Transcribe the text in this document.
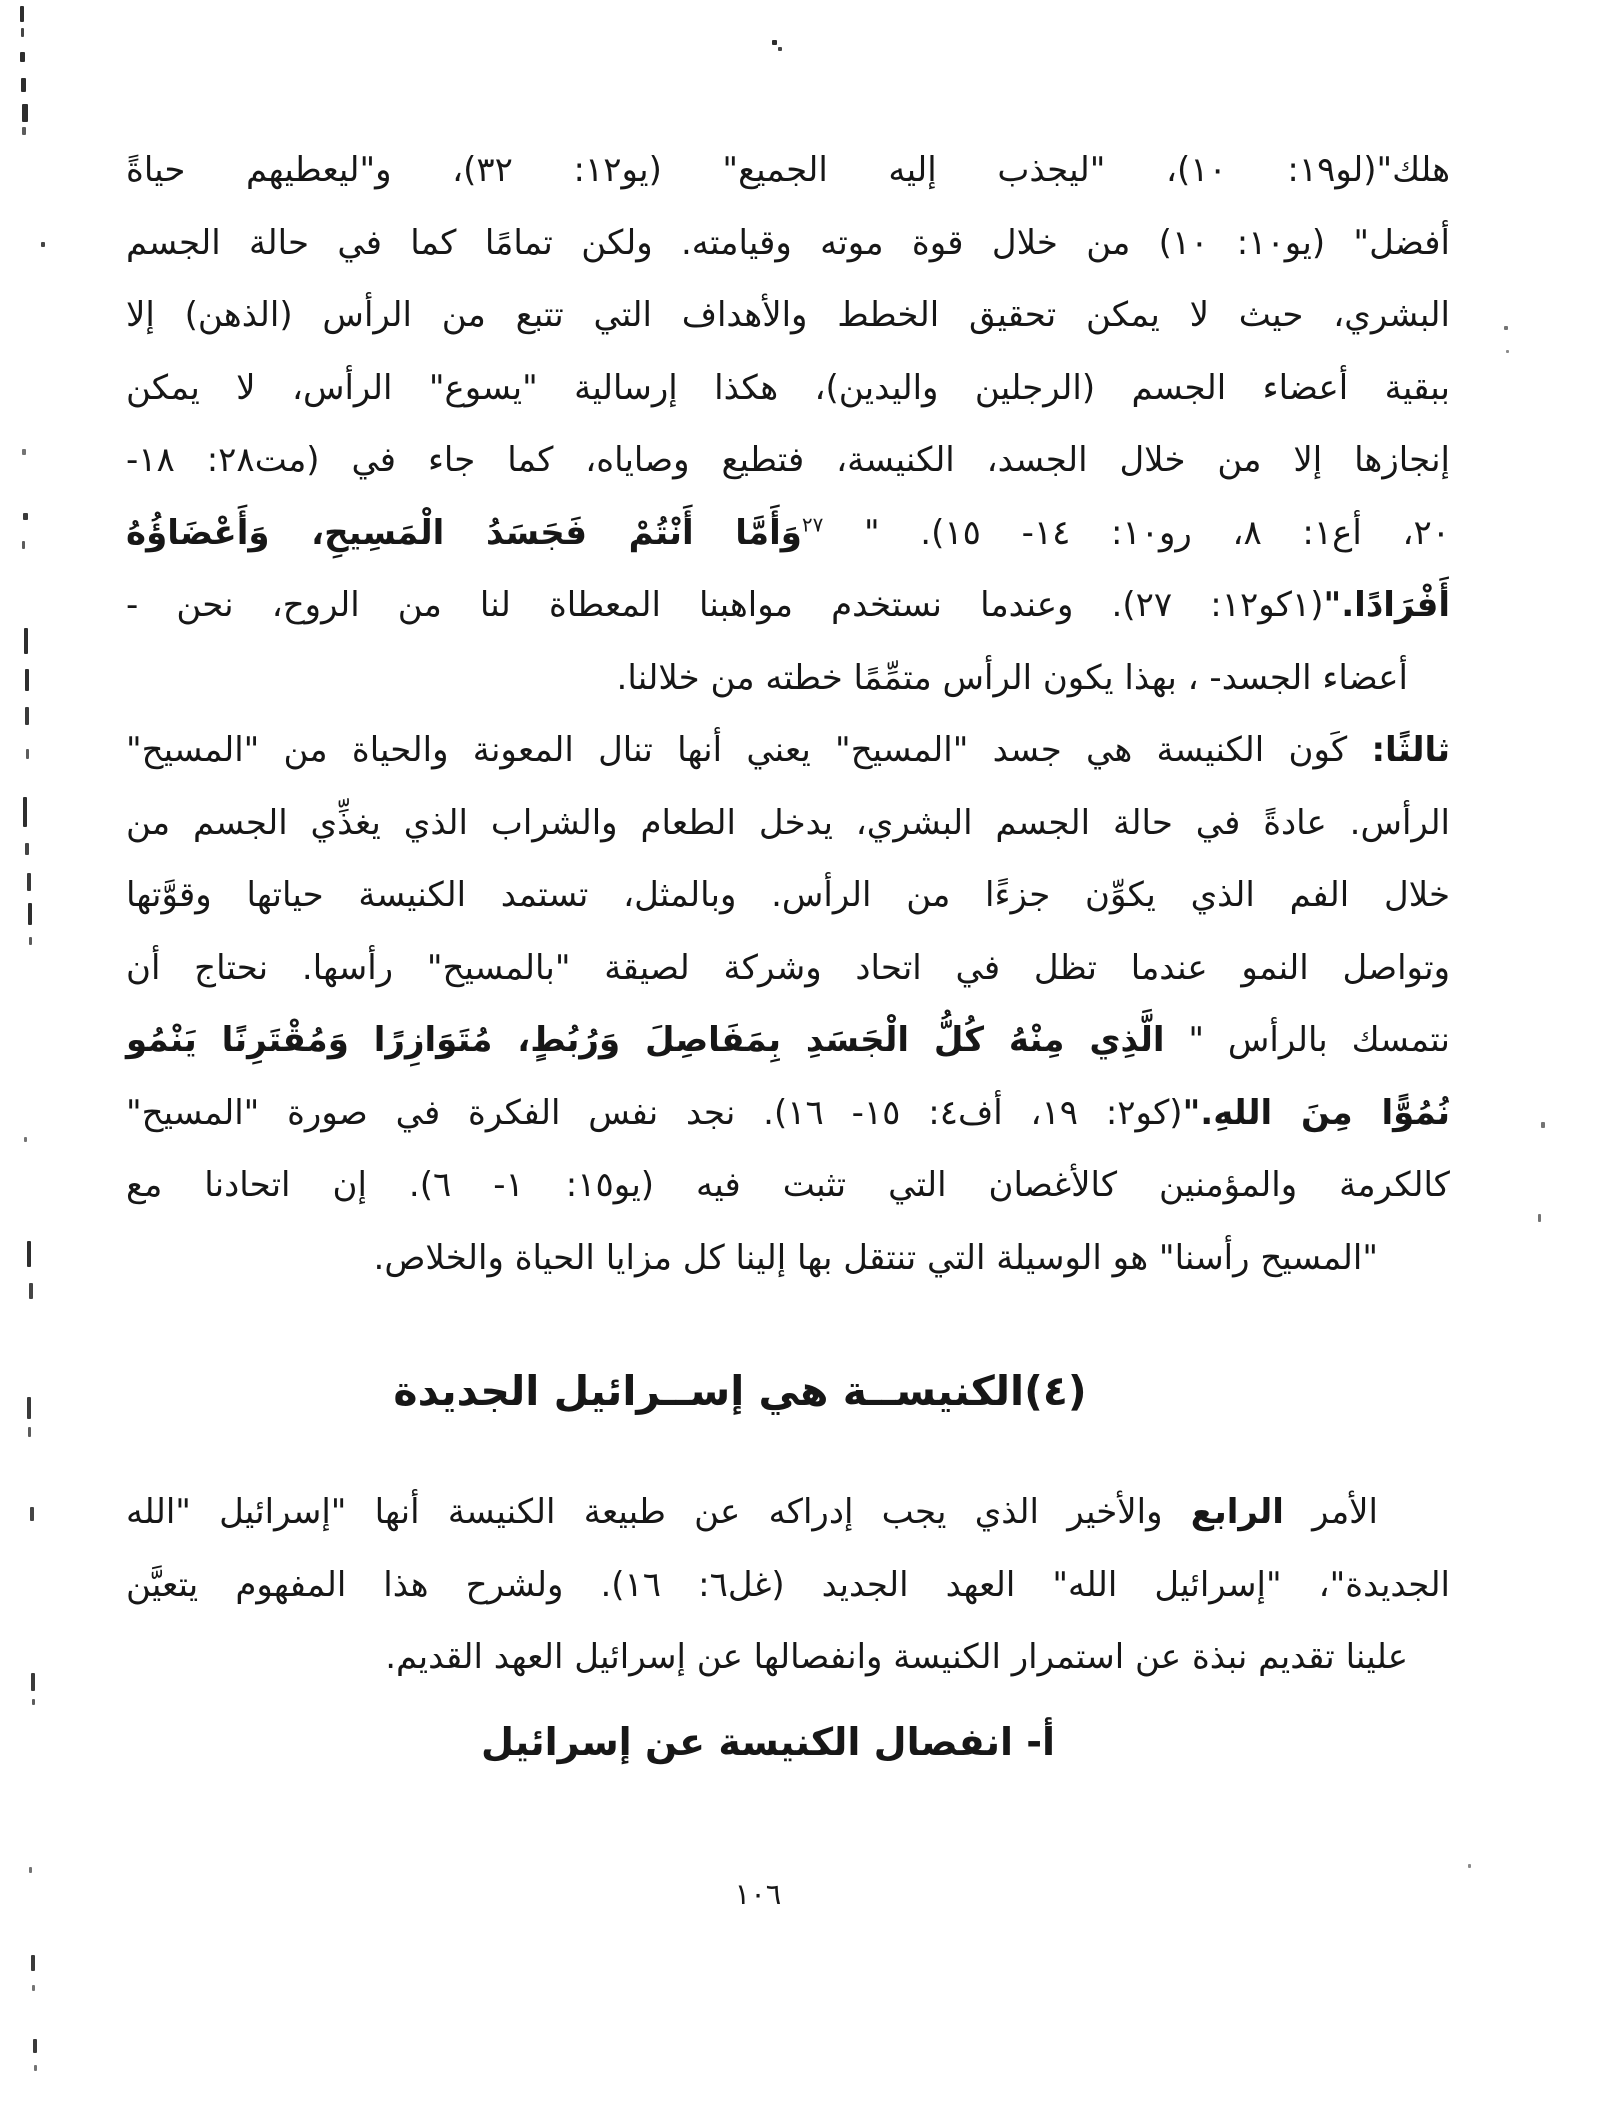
هلك"(لو١٩: ١٠)، "ليجذب إليه الجميع" (يو١٢: ٣٢)، و"ليعطيهم حياةً
أفضل" (يو١٠: ١٠) من خلال قوة موته وقيامته. ولكن تمامًا كما في حالة الجسم
البشري، حيث لا يمكن تحقيق الخطط والأهداف التي تتبع من الرأس (الذهن) إلا
ببقية أعضاء الجسم (الرجلين واليدين)، هكذا إرسالية "يسوع" الرأس، لا يمكن
إنجازها إلا من خلال الجسد، الكنيسة، فتطيع وصاياه، كما جاء في (مت٢٨: ١٨-
٢٠، أع١: ٨، رو١٠: ١٤- ١٥). " $^{٢٧}$وَأَمَّا أَنْتُمْ فَجَسَدُ الْمَسِيحِ، وَأَعْضَاؤُهُ
أَفْرَادًا."(١كو١٢: ٢٧). وعندما نستخدم مواهبنا المعطاة لنا من الروح، نحن -
أعضاء الجسد- ، بهذا يكون الرأس متمِّمًا خطته من خلالنا.
ثالثًا: كَون الكنيسة هي جسد "المسيح" يعني أنها تنال المعونة والحياة من "المسيح"
الرأس. عادةً في حالة الجسم البشري، يدخل الطعام والشراب الذي يغذِّي الجسم من
خلال الفم الذي يكوِّن جزءًا من الرأس. وبالمثل، تستمد الكنيسة حياتها وقوَّتها
وتواصل النمو عندما تظل في اتحاد وشركة لصيقة "بالمسيح" رأسها. نحتاج أن
نتمسك بالرأس " الَّذِي مِنْهُ كُلُّ الْجَسَدِ بِمَفَاصِلَ وَرُبُطٍ، مُتَوَازِرًا وَمُقْتَرِنًا يَنْمُو
نُمُوًّا مِنَ اللهِ."(كو٢: ١٩، أف٤: ١٥- ١٦). نجد نفس الفكرة في صورة "المسيح"
كالكرمة والمؤمنين كالأغصان التي تثبت فيه (يو١٥: ١- ٦). إن اتحادنا مع
"المسيح رأسنا" هو الوسيلة التي تنتقل بها إلينا كل مزايا الحياة والخلاص.
(٤)الكنيســة هي إســرائيل الجديدة
الأمر الرابع والأخير الذي يجب إدراكه عن طبيعة الكنيسة أنها "إسرائيل "الله
الجديدة"، "إسرائيل الله" العهد الجديد (غل٦: ١٦). ولشرح هذا المفهوم يتعيَّن
علينا تقديم نبذة عن استمرار الكنيسة وانفصالها عن إسرائيل العهد القديم.
أ- انفصال الكنيسة عن إسرائيل
١٠٦
